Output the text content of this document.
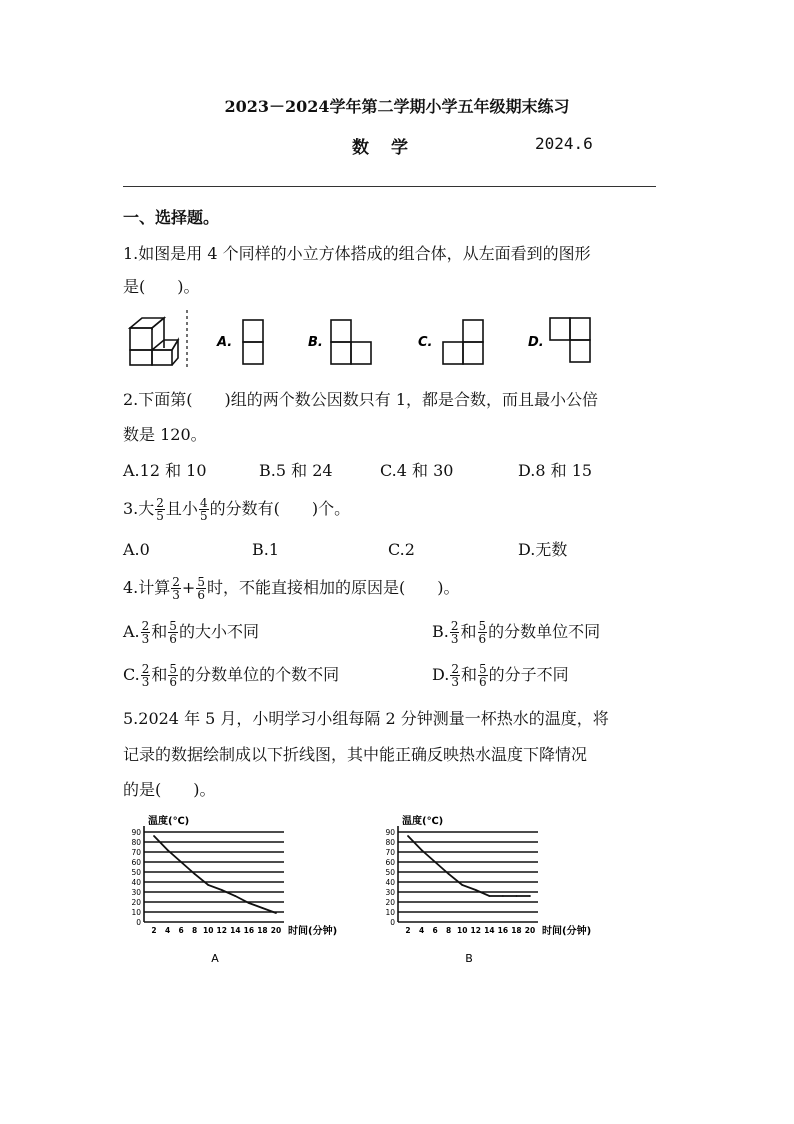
2023－2024学年第二学期小学五年级期末练习
数学	2024.6
一、选择题。
1.如图是用 4 个同样的小立方体搭成的组合体，从左面看到的图形
是(　　)。
A.	B.	C.	D.
2.下面第(　　)组的两个数公因数只有 1，都是合数，而且最小公倍
数是 120。
A.12 和 10	B.5 和 24	C.4 和 30	D.8 和 15
3.大 $\frac{2}{5}$ 且小 $\frac{4}{5}$ 的分数有(　　)个。
A.0	B.1	C.2	D.无数
4.计算 $\frac{2}{3} + \frac{5}{6}$ 时，不能直接相加的原因是(　　)。
A. $\frac{2}{3}$ 和 $\frac{5}{6}$ 的大小不同	B. $\frac{2}{3}$ 和 $\frac{5}{6}$ 的分数单位不同
C. $\frac{2}{3}$ 和 $\frac{5}{6}$ 的分数单位的个数不同	D. $\frac{2}{3}$ 和 $\frac{5}{6}$ 的分子不同
5.2024 年 5 月，小明学习小组每隔 2 分钟测量一杯热水的温度，将
记录的数据绘制成以下折线图，其中能正确反映热水温度下降情况
的是(　　)。
0
10
20
30
40
50
60
70
80
90
2 4 6 8 10 12 14 16 18 20
温度(℃)
时间(分钟)
A
0
10
20
30
40
50
60
70
80
90
2 4 6 8 10 12 14 16 18 20
温度(℃)
时间(分钟)
B
